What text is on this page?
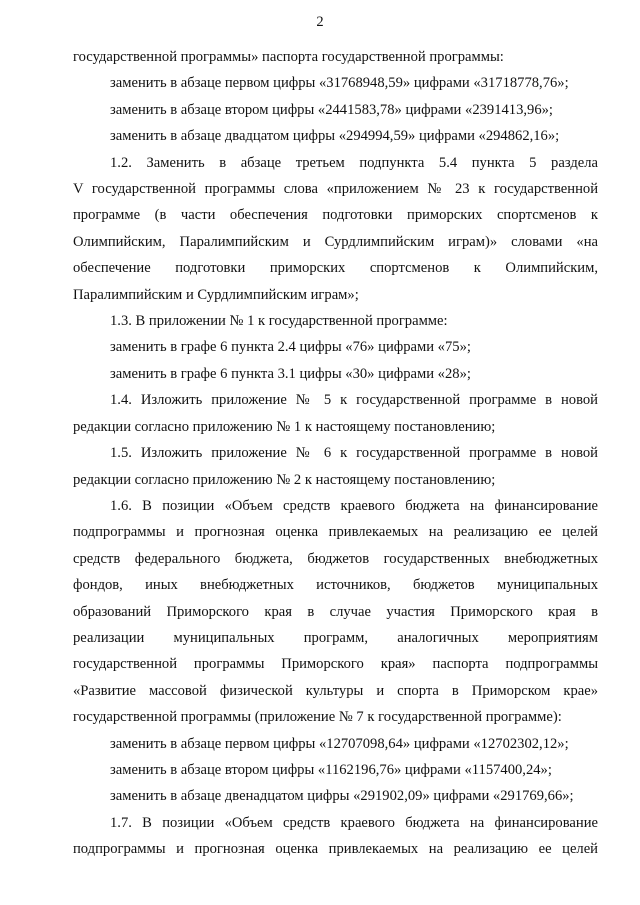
2
государственной программы» паспорта государственной программы:
заменить в абзаце первом цифры «31768948,59» цифрами «31718778,76»;
заменить в абзаце втором цифры «2441583,78» цифрами «2391413,96»;
заменить в абзаце двадцатом цифры «294994,59» цифрами «294862,16»;
1.2. Заменить в абзаце третьем подпункта 5.4 пункта 5 раздела
V государственной программы слова «приложением № 23 к государственной
программе (в части обеспечения подготовки приморских спортсменов к
Олимпийским, Паралимпийским и Сурдлимпийским играм)» словами «на
обеспечение подготовки приморских спортсменов к Олимпийским,
Паралимпийским и Сурдлимпийским играм»;
1.3. В приложении № 1 к государственной программе:
заменить в графе 6 пункта 2.4 цифры «76» цифрами «75»;
заменить в графе 6 пункта 3.1 цифры «30» цифрами «28»;
1.4. Изложить приложение № 5 к государственной программе в новой
редакции согласно приложению № 1 к настоящему постановлению;
1.5. Изложить приложение № 6 к государственной программе в новой
редакции согласно приложению № 2 к настоящему постановлению;
1.6. В позиции «Объем средств краевого бюджета на финансирование
подпрограммы и прогнозная оценка привлекаемых на реализацию ее целей
средств федерального бюджета, бюджетов государственных внебюджетных
фондов, иных внебюджетных источников, бюджетов муниципальных
образований Приморского края в случае участия Приморского края в
реализации муниципальных программ, аналогичных мероприятиям
государственной программы Приморского края» паспорта подпрограммы
«Развитие массовой физической культуры и спорта в Приморском крае»
государственной программы (приложение № 7 к государственной программе):
заменить в абзаце первом цифры «12707098,64» цифрами «12702302,12»;
заменить в абзаце втором цифры «1162196,76» цифрами «1157400,24»;
заменить в абзаце двенадцатом цифры «291902,09» цифрами «291769,66»;
1.7. В позиции «Объем средств краевого бюджета на финансирование
подпрограммы и прогнозная оценка привлекаемых на реализацию ее целей
